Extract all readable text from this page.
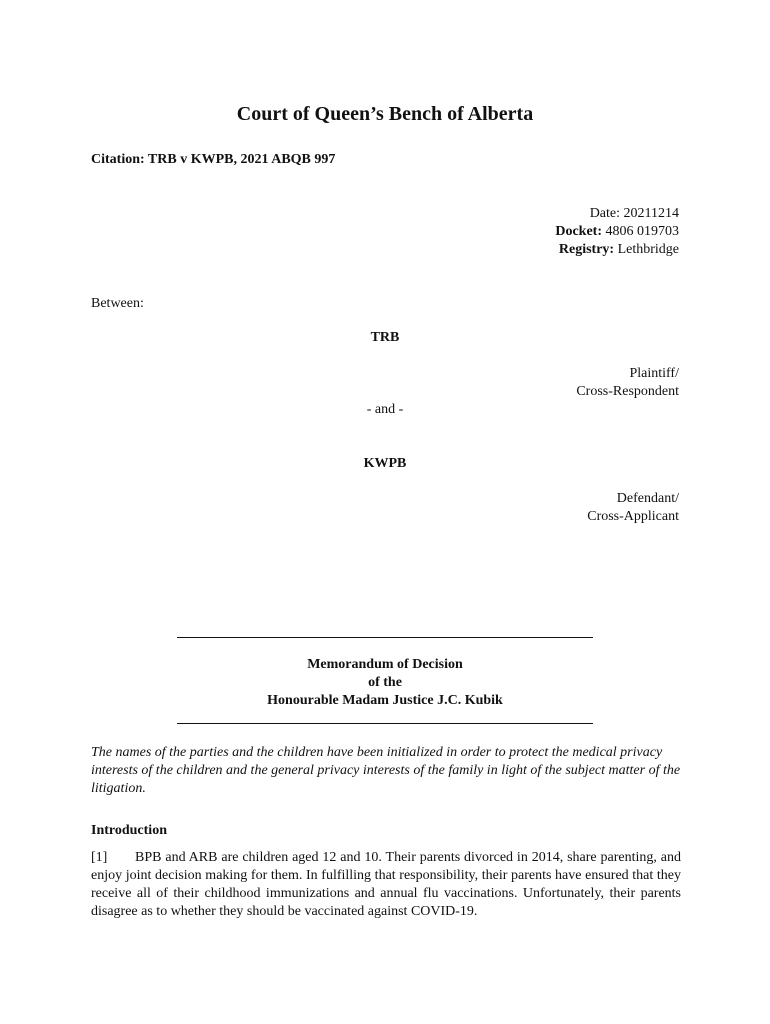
Court of Queen’s Bench of Alberta
Citation: TRB v KWPB, 2021 ABQB 997
Date: 20211214
Docket: 4806 019703
Registry: Lethbridge
Between:
TRB
Plaintiff/
Cross-Respondent
- and -
KWPB
Defendant/
Cross-Applicant
Memorandum of Decision
of the
Honourable Madam Justice J.C. Kubik
The names of the parties and the children have been initialized in order to protect the medical privacy interests of the children and the general privacy interests of the family in light of the subject matter of the litigation.
Introduction
[1] BPB and ARB are children aged 12 and 10. Their parents divorced in 2014, share parenting, and enjoy joint decision making for them. In fulfilling that responsibility, their parents have ensured that they receive all of their childhood immunizations and annual flu vaccinations. Unfortunately, their parents disagree as to whether they should be vaccinated against COVID-19.
